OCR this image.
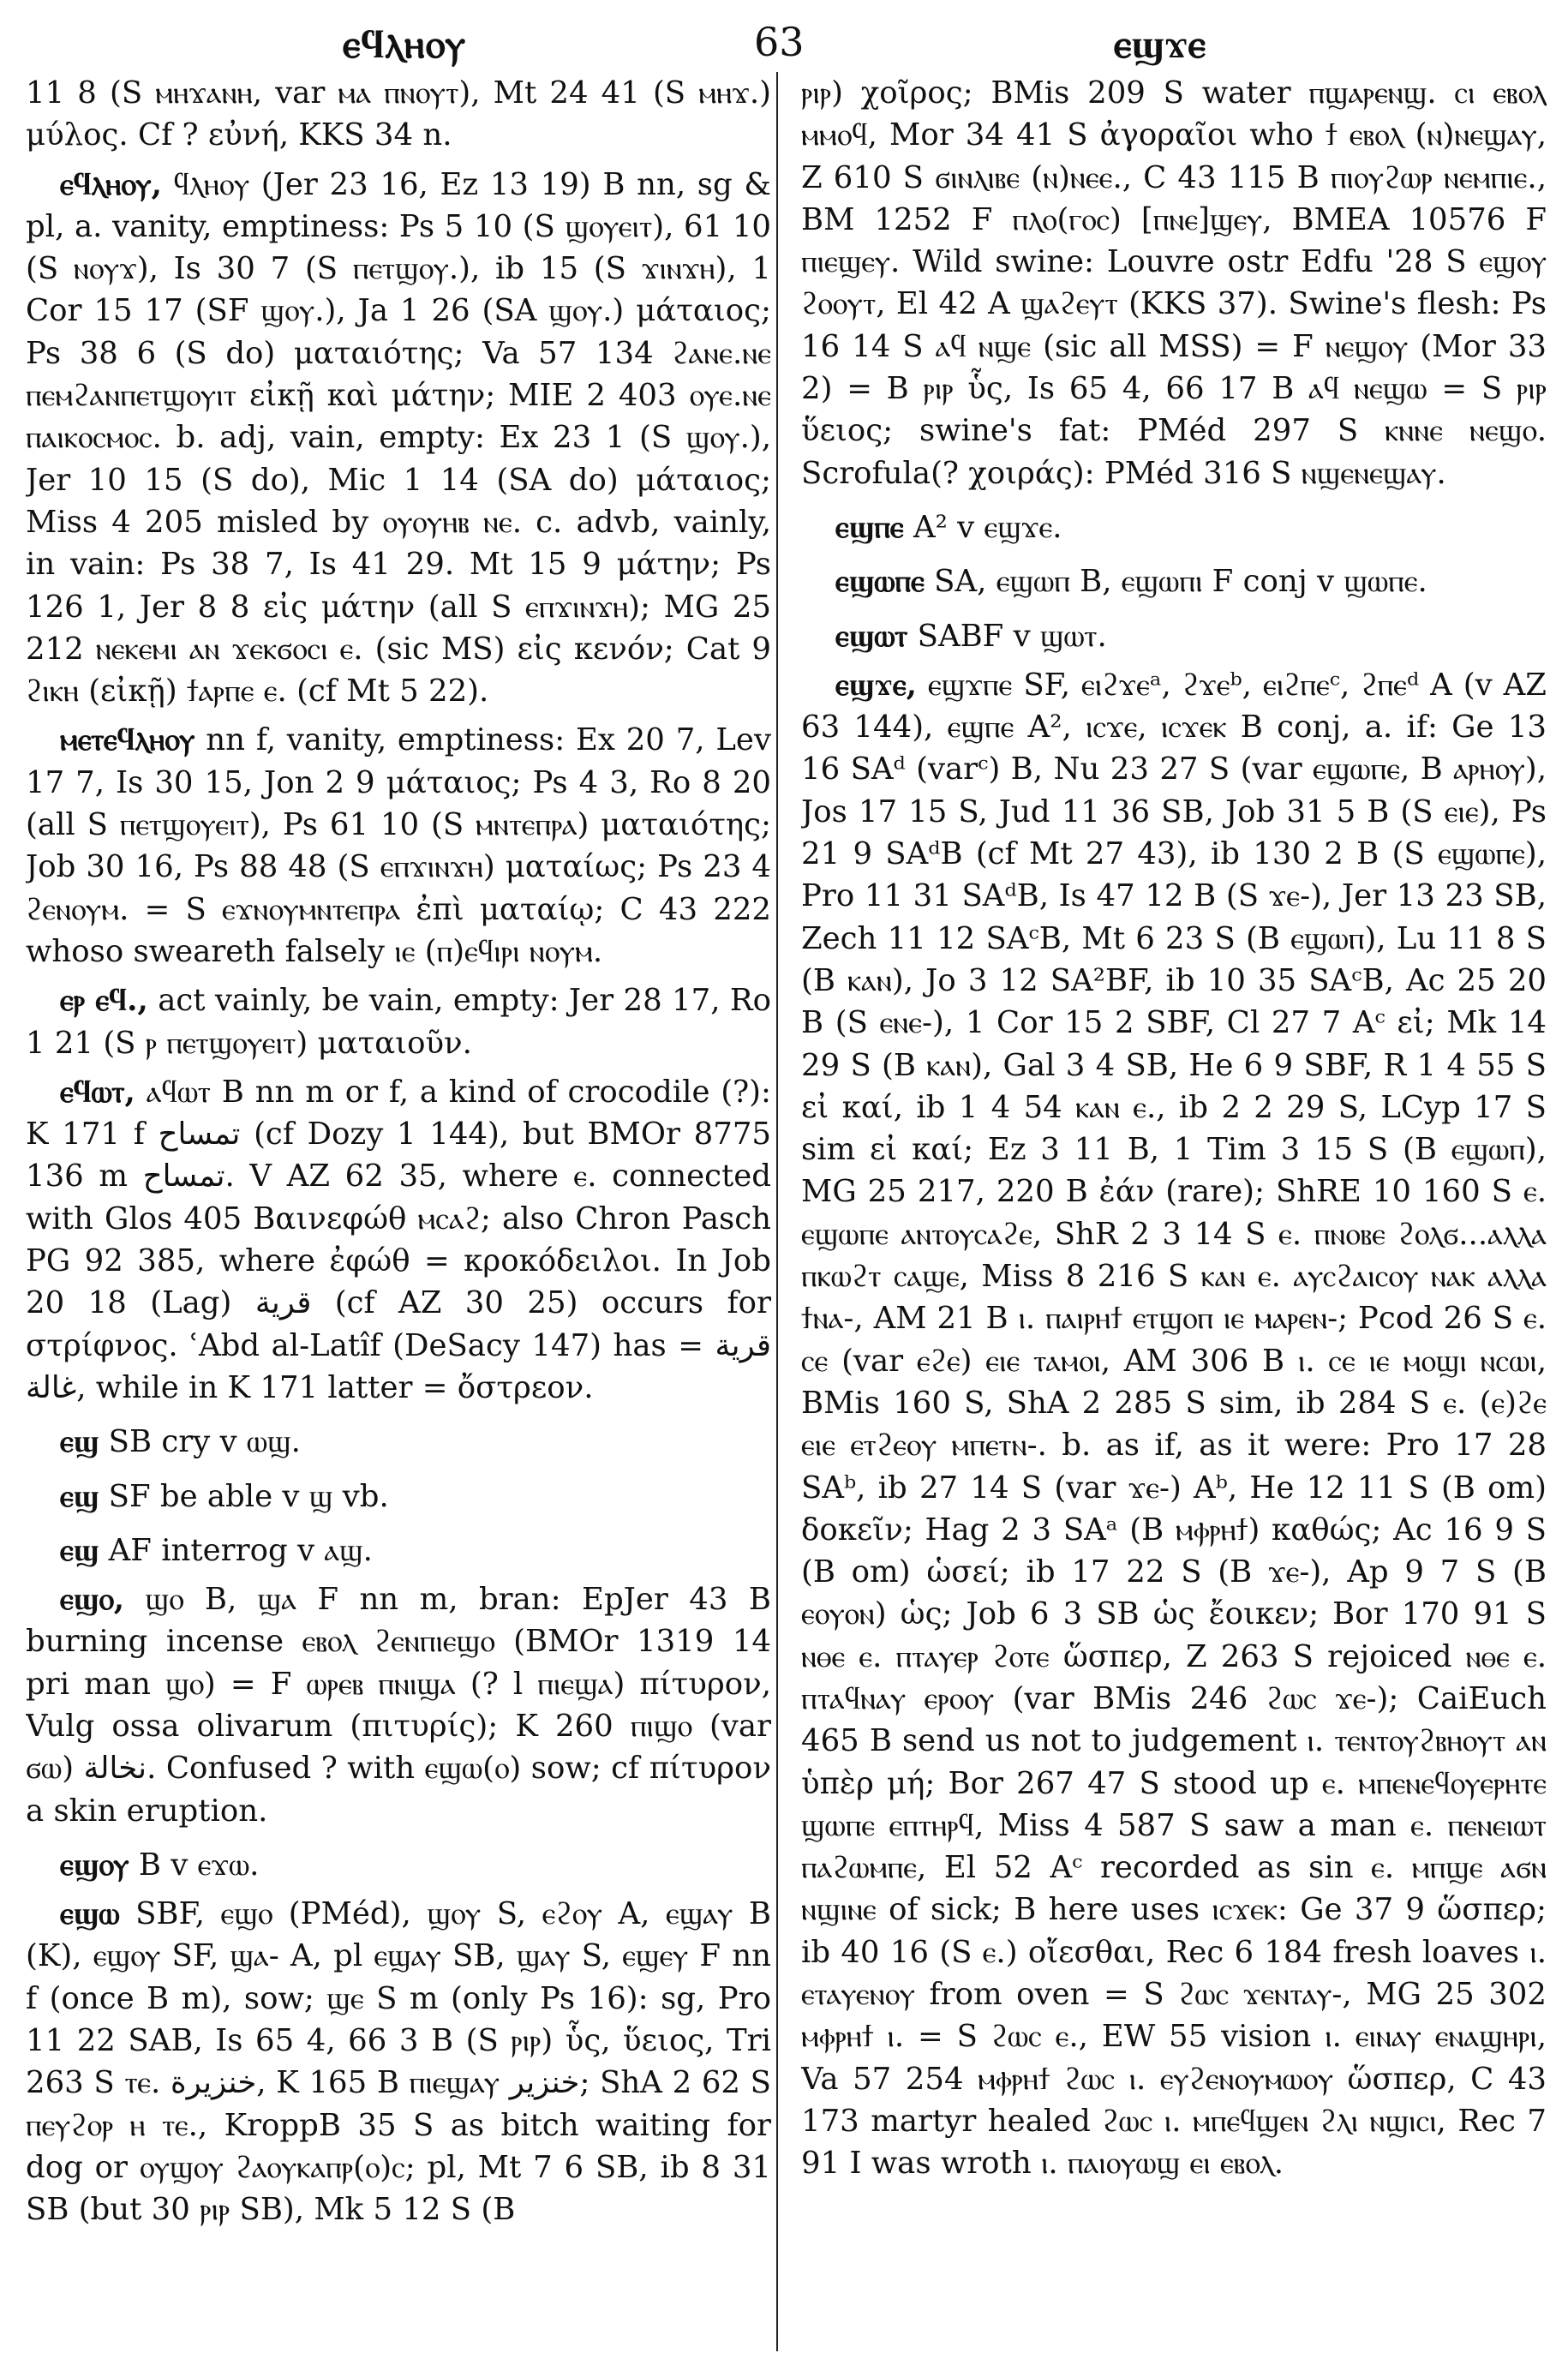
ⲉϥⲗⲏⲟⲩ	63	ⲉϣϫⲉ

11 8 (S ⲙⲏϫⲁⲛⲏ, var ⲙⲁ ⲡⲛⲟⲩⲧ), Mt 24 41 (S ⲙⲏϫ.) μύλος. Cf ? εὐνή, KKS 34 n.

ⲉϥⲗⲏⲟⲩ, ϥⲗⲏⲟⲩ (Jer 23 16, Ez 13 19) B nn, sg & pl, a. vanity, emptiness: Ps 5 10 (S ϣⲟⲩⲉⲓⲧ), 61 10 (S ⲛⲟⲩϫ), Is 30 7 (S ⲡⲉⲧϣⲟⲩ.), ib 15 (S ϫⲓⲛϫⲏ), 1 Cor 15 17 (SF ϣⲟⲩ.), Ja 1 26 (SA ϣⲟⲩ.) μάταιος; Ps 38 6 (S do) ματαιότης; Va 57 134 ϩⲁⲛⲉ.ⲛⲉ ⲡⲉⲙϩⲁⲛⲡⲉⲧϣⲟⲩⲓⲧ εἰκῇ καὶ μάτην; MIE 2 403 ⲟⲩⲉ.ⲛⲉ ⲡⲁⲓⲕⲟⲥⲙⲟⲥ. b. adj, vain, empty: Ex 23 1 (S ϣⲟⲩ.), Jer 10 15 (S do), Mic 1 14 (SA do) μάταιος; Miss 4 205 misled by ⲟⲩⲟⲩⲏⲃ ⲛⲉ. c. advb, vainly, in vain: Ps 38 7, Is 41 29. Mt 15 9 μάτην; Ps 126 1, Jer 8 8 εἰς μάτην (all S ⲉⲡϫⲓⲛϫⲏ); MG 25 212 ⲛⲉⲕⲉⲙⲓ ⲁⲛ ϫⲉⲕϭⲟⲥⲓ ⲉ. (sic MS) εἰς κενόν; Cat 9 ϩⲓⲕⲏ (εἰκῇ) ϯⲁⲣⲡⲉ ⲉ. (cf Mt 5 22).

ⲙⲉⲧⲉϥⲗⲏⲟⲩ nn f, vanity, emptiness: Ex 20 7, Lev 17 7, Is 30 15, Jon 2 9 μάταιος; Ps 4 3, Ro 8 20 (all S ⲡⲉⲧϣⲟⲩⲉⲓⲧ), Ps 61 10 (S ⲙⲛⲧⲉⲡⲣⲁ) ματαιότης; Job 30 16, Ps 88 48 (S ⲉⲡϫⲓⲛϫⲏ) ματαίως; Ps 23 4 ϩⲉⲛⲟⲩⲙ. = S ⲉϫⲛⲟⲩⲙⲛⲧⲉⲡⲣⲁ ἐπὶ ματαίῳ; C 43 222 whoso sweareth falsely ⲓⲉ (ⲡ)ⲉϥⲓⲣⲓ ⲛⲟⲩⲙ.

ⲉⲣ ⲉϥ., act vainly, be vain, empty: Jer 28 17, Ro 1 21 (S ⲣ ⲡⲉⲧϣⲟⲩⲉⲓⲧ) ματαιοῦν.

ⲉϥⲱⲧ, ⲁϥⲱⲧ B nn m or f, a kind of crocodile (?): K 171 f تمساح (cf Dozy 1 144), but BMOr 8775 136 m تمساح. V AZ 62 35, where ⲉ. connected with Glos 405 Βαινεφώθ ⲙⲥⲁϩ; also Chron Pasch PG 92 385, where ἐφώθ = κροκόδειλοι. In Job 20 18 (Lag) قرية (cf AZ 30 25) occurs for στρίφνος. ʿAbd al-Latîf (DeSacy 147) has قرية = غالة, while in K 171 latter = ὄστρεον.

ⲉϣ SB cry v ⲱϣ.

ⲉϣ SF be able v ϣ vb.

ⲉϣ AF interrog v ⲁϣ.

ⲉϣⲟ, ϣⲟ B, ϣⲁ F nn m, bran: EpJer 43 B burning incense ⲉⲃⲟⲗ ϩⲉⲛⲡⲓⲉϣⲟ (BMOr 1319 14 pri man ϣⲟ) = F ⲱⲣⲉⲃ ⲡⲛⲓϣⲁ (? l ⲡⲓⲉϣⲁ) πίτυρον, Vulg ossa olivarum (πιτυρίς); K 260 ⲡⲓϣⲟ (var ϭⲱ) نخالة. Confused ? with ⲉϣⲱ(ⲟ) sow; cf πίτυρον a skin eruption.

ⲉϣⲟⲩ B v ⲉϫⲱ.

ⲉϣⲱ SBF, ⲉϣⲟ (PMéd), ϣⲟⲩ S, ⲉϩⲟⲩ A, ⲉϣⲁⲩ B (K), ⲉϣⲟⲩ SF, ϣⲁ- A, pl ⲉϣⲁⲩ SB, ϣⲁⲩ S, ⲉϣⲉⲩ F nn f (once B m), sow; ϣⲉ S m (only Ps 16): sg, Pro 11 22 SAB, Is 65 4, 66 3 B (S ⲣⲓⲣ) ὗς, ὕειος, Tri 263 S ⲧⲉ. خنزيرة, K 165 B ⲡⲓⲉϣⲁⲩ خنزير; ShA 2 62 S ⲡⲉⲩϩⲟⲣ ⲏ ⲧⲉ., KroppB 35 S as bitch waiting for dog or ⲟⲩϣⲟⲩ ϩⲁⲟⲩⲕⲁⲡⲣ(ⲟ)ⲥ; pl, Mt 7 6 SB, ib 8 31 SB (but 30 ⲣⲓⲣ SB), Mk 5 12 S (B

ⲣⲓⲣ) χοῖρος; BMis 209 S water ⲡϣⲁⲣⲉⲛϣ. ⲥⲓ ⲉⲃⲟⲗ ⲙⲙⲟϥ, Mor 34 41 S ἀγοραῖοι who ϯ ⲉⲃⲟⲗ (ⲛ)ⲛⲉϣⲁⲩ, Z 610 S ϭⲓⲛⲗⲓⲃⲉ (ⲛ)ⲛⲉⲉ., C 43 115 B ⲡⲓⲟⲩϩⲱⲣ ⲛⲉⲙⲡⲓⲉ., BM 1252 F ⲡⲗⲟ(ⲅⲟⲥ) [ⲡⲛⲉ]ϣⲉⲩ, BMEA 10576 F ⲡⲓⲉϣⲉⲩ. Wild swine: Louvre ostr Edfu '28 S ⲉϣⲟⲩ ϩⲟⲟⲩⲧ, El 42 A ϣⲁϩⲉⲩⲧ (KKS 37). Swine's flesh: Ps 16 14 S ⲁϥ ⲛϣⲉ (sic all MSS) = F ⲛⲉϣⲟⲩ (Mor 33 2) = B ⲣⲓⲣ ὗς, Is 65 4, 66 17 B ⲁϥ ⲛⲉϣⲱ = S ⲣⲓⲣ ὕειος; swine's fat: PMéd 297 S ⲕⲛⲛⲉ ⲛⲉϣⲟ. Scrofula(? χοιράς): PMéd 316 S ⲛϣⲉⲛⲉϣⲁⲩ.

ⲉϣⲡⲉ A² v ⲉϣϫⲉ.

ⲉϣⲱⲡⲉ SA, ⲉϣⲱⲡ B, ⲉϣⲱⲡⲓ F conj v ϣⲱⲡⲉ.

ⲉϣⲱⲧ SABF v ϣⲱⲧ.

ⲉϣϫⲉ, ⲉϣϫⲡⲉ SF, ⲉⲓϩϫⲉᵃ, ϩϫⲉᵇ, ⲉⲓϩⲡⲉᶜ, ϩⲡⲉᵈ A (v AZ 63 144), ⲉϣⲡⲉ A², ⲓⲥϫⲉ, ⲓⲥϫⲉⲕ B conj, a. if: Ge 13 16 SAᵈ (varᶜ) B, Nu 23 27 S (var ⲉϣⲱⲡⲉ, B ⲁⲣⲏⲟⲩ), Jos 17 15 S, Jud 11 36 SB, Job 31 5 B (S ⲉⲓⲉ), Ps 21 9 SAᵈB (cf Mt 27 43), ib 130 2 B (S ⲉϣⲱⲡⲉ), Pro 11 31 SAᵈB, Is 47 12 B (S ϫⲉ-), Jer 13 23 SB, Zech 11 12 SAᶜB, Mt 6 23 S (B ⲉϣⲱⲡ), Lu 11 8 S (B ⲕⲁⲛ), Jo 3 12 SA²BF, ib 10 35 SAᶜB, Ac 25 20 B (S ⲉⲛⲉ-), 1 Cor 15 2 SBF, Cl 27 7 Aᶜ εἰ; Mk 14 29 S (B ⲕⲁⲛ), Gal 3 4 SB, He 6 9 SBF, R 1 4 55 S εἰ καί, ib 1 4 54 ⲕⲁⲛ ⲉ., ib 2 2 29 S, LCyp 17 S sim εἰ καί; Ez 3 11 B, 1 Tim 3 15 S (B ⲉϣⲱⲡ), MG 25 217, 220 B ἐάν (rare); ShRE 10 160 S ⲉ. ⲉϣⲱⲡⲉ ⲁⲛⲧⲟⲩⲥⲁϩⲉ, ShR 2 3 14 S ⲉ. ⲡⲛⲟⲃⲉ ϩⲟⲗϭ...ⲁⲗⲗⲁ ⲡⲕⲱϩⲧ ⲥⲁϣⲉ, Miss 8 216 S ⲕⲁⲛ ⲉ. ⲁⲩⲥϩⲁⲓⲥⲟⲩ ⲛⲁⲕ ⲁⲗⲗⲁ ϯⲛⲁ-, AM 21 B ⲓ. ⲡⲁⲓⲣⲏϯ ⲉⲧϣⲟⲡ ⲓⲉ ⲙⲁⲣⲉⲛ-; Pcod 26 S ⲉ. ⲥⲉ (var ⲉϩⲉ) ⲉⲓⲉ ⲧⲁⲙⲟⲓ, AM 306 B ⲓ. ⲥⲉ ⲓⲉ ⲙⲟϣⲓ ⲛⲥⲱⲓ, BMis 160 S, ShA 2 285 S sim, ib 284 S ⲉ. (ⲉ)ϩⲉ ⲉⲓⲉ ⲉⲧϩⲉⲟⲩ ⲙⲡⲉⲧⲛ-. b. as if, as it were: Pro 17 28 SAᵇ, ib 27 14 S (var ϫⲉ-) Aᵇ, He 12 11 S (B om) δοκεῖν; Hag 2 3 SAᵃ (B ⲙⲫⲣⲏϯ) καθώς; Ac 16 9 S (B om) ὡσεί; ib 17 22 S (B ϫⲉ-), Ap 9 7 S (B ⲉⲟⲩⲟⲛ) ὡς; Job 6 3 SB ὡς ἔοικεν; Bor 170 91 S ⲛⲑⲉ ⲉ. ⲡⲧⲁⲩⲉⲣ ϩⲟⲧⲉ ὥσπερ, Z 263 S rejoiced ⲛⲑⲉ ⲉ. ⲡⲧⲁϥⲛⲁⲩ ⲉⲣⲟⲟⲩ (var BMis 246 ϩⲱⲥ ϫⲉ-); CaiEuch 465 B send us not to judgement ⲓ. ⲧⲉⲛⲧⲟⲩϩⲃⲏⲟⲩⲧ ⲁⲛ ὑπὲρ μή; Bor 267 47 S stood up ⲉ. ⲙⲡⲉⲛⲉϥⲟⲩⲉⲣⲏⲧⲉ ϣⲱⲡⲉ ⲉⲡⲧⲏⲣϥ, Miss 4 587 S saw a man ⲉ. ⲡⲉⲛⲉⲓⲱⲧ ⲡⲁϩⲱⲙⲡⲉ, El 52 Aᶜ recorded as sin ⲉ. ⲙⲡϣⲉ ⲁϭⲛ ⲛϣⲓⲛⲉ of sick; B here uses ⲓⲥϫⲉⲕ: Ge 37 9 ὥσπερ; ib 40 16 (S ⲉ.) οἴεσθαι, Rec 6 184 fresh loaves ⲓ. ⲉⲧⲁⲩⲉⲛⲟⲩ from oven = S ϩⲱⲥ ϫⲉⲛⲧⲁⲩ-, MG 25 302 ⲙⲫⲣⲏϯ ⲓ. = S ϩⲱⲥ ⲉ., EW 55 vision ⲓ. ⲉⲓⲛⲁⲩ ⲉⲛⲁϣⲏⲣⲓ, Va 57 254 ⲙⲫⲣⲏϯ ϩⲱⲥ ⲓ. ⲉⲩϩⲉⲛⲟⲩⲙⲱⲟⲩ ὥσπερ, C 43 173 martyr healed ϩⲱⲥ ⲓ. ⲙⲡⲉϥϣⲉⲛ ϩⲗⲓ ⲛϣⲓⲥⲓ, Rec 7 91 I was wroth ⲓ. ⲡⲁⲓⲟⲩⲱϣ ⲉⲓ ⲉⲃⲟⲗ.
